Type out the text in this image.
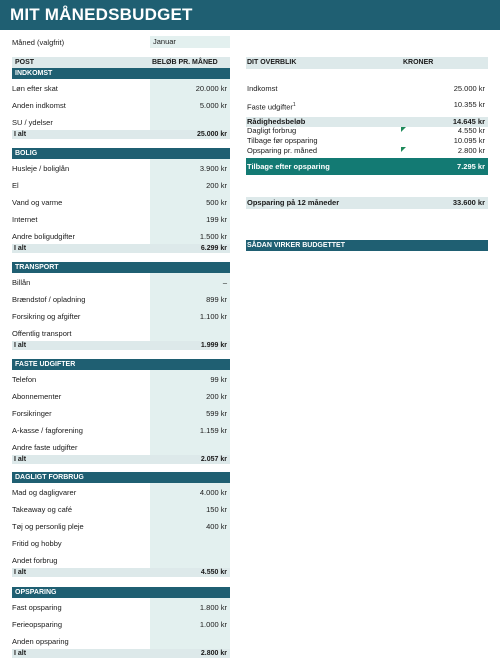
MIT MÅNEDSBUDGET
Måned (valgfrit)	Januar
POST	BELØB PR. MÅNED
INDKOMST
Løn efter skat	20.000 kr
Anden indkomst	5.000 kr
SU / ydelser
I alt	25.000 kr
BOLIG
Husleje / boliglån	3.900 kr
El	200 kr
Vand og varme	500 kr
Internet	199 kr
Andre boligudgifter	1.500 kr
I alt	6.299 kr
TRANSPORT
Billån	–
Brændstof / opladning	899 kr
Forsikring og afgifter	1.100 kr
Offentlig transport
I alt	1.999 kr
FASTE UDGIFTER
Telefon	99 kr
Abonnementer	200 kr
Forsikringer	599 kr
A-kasse / fagforening	1.159 kr
Andre faste udgifter
I alt	2.057 kr
DAGLIGT FORBRUG
Mad og dagligvarer	4.000 kr
Takeaway og café	150 kr
Tøj og personlig pleje	400 kr
Fritid og hobby
Andet forbrug
I alt	4.550 kr
OPSPARING
Fast opsparing	1.800 kr
Ferieopsparing	1.000 kr
Anden opsparing
I alt	2.800 kr
DIT OVERBLIK	KRONER
Indkomst	25.000 kr
Faste udgifter$^1$	10.355 kr
Rådighedsbeløb	14.645 kr
Dagligt forbrug	4.550 kr
Tilbage før opsparing	10.095 kr
Opsparing pr. måned	2.800 kr
Tilbage efter opsparing	7.295 kr
Opsparing på 12 måneder	33.600 kr
SÅDAN VIRKER BUDGETTET
